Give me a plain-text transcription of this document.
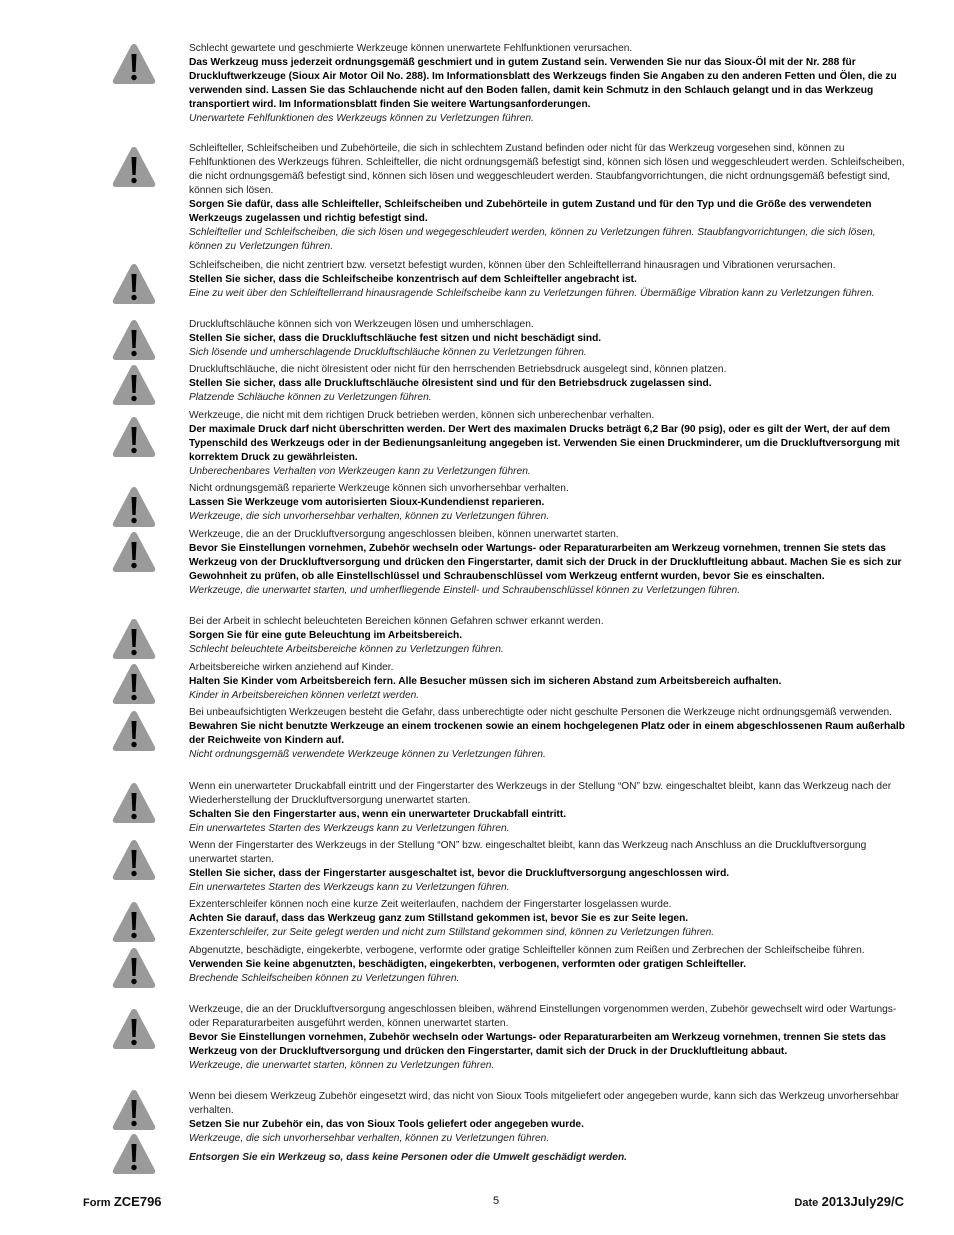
Schlecht gewartete und geschmierte Werkzeuge können unerwartete Fehlfunktionen verursachen.

Das Werkzeug muss jederzeit ordnungsgemäß geschmiert und in gutem Zustand sein. Verwenden Sie nur das Sioux-Öl mit der Nr. 288 für Druckluftwerkzeuge (Sioux Air Motor Oil No. 288). Im Informationsblatt des Werkzeugs finden Sie Angaben zu den anderen Fetten und Ölen, die zu verwenden sind. Lassen Sie das Schlauchende nicht auf den Boden fallen, damit kein Schmutz in den Schlauch gelangt und in das Werkzeug transportiert wird. Im Informationsblatt finden Sie weitere Wartungsanforderungen.

Unerwartete Fehlfunktionen des Werkzeugs können zu Verletzungen führen.

Schleifteller, Schleifscheiben und Zubehörteile, die sich in schlechtem Zustand befinden oder nicht für das Werkzeug vorgesehen sind, können zu Fehlfunktionen des Werkzeugs führen. Schleifteller, die nicht ordnungsgemäß befestigt sind, können sich lösen und weggeschleudert werden. Schleifscheiben, die nicht ordnungsgemäß befestigt sind, können sich lösen und weggeschleudert werden. Staubfangvorrichtungen, die nicht ordnungsgemäß befestigt sind, können sich lösen.

Sorgen Sie dafür, dass alle Schleifteller, Schleifscheiben und Zubehörteile in gutem Zustand und für den Typ und die Größe des verwendeten Werkzeugs zugelassen und richtig befestigt sind.

Schleifteller und Schleifscheiben, die sich lösen und wegegeschleudert werden, können zu Verletzungen führen. Staubfangvorrichtungen, die sich lösen, können zu Verletzungen führen.

Schleifscheiben, die nicht zentriert bzw. versetzt befestigt wurden, können über den Schleiftellerrand hinausragen und Vibrationen verursachen.

Stellen Sie sicher, dass die Schleifscheibe konzentrisch auf dem Schleifteller angebracht ist.

Eine zu weit über den Schleiftellerrand hinausragende Schleifscheibe kann zu Verletzungen führen. Übermäßige Vibration kann zu Verletzungen führen.

Druckluftschläuche können sich von Werkzeugen lösen und umherschlagen.

Stellen Sie sicher, dass die Druckluftschläuche fest sitzen und nicht beschädigt sind.

Sich lösende und umherschlagende Druckluftschläuche können zu Verletzungen führen.

Druckluftschläuche, die nicht ölresistent oder nicht für den herrschenden Betriebsdruck ausgelegt sind, können platzen.

Stellen Sie sicher, dass alle Druckluftschläuche ölresistent sind und für den Betriebsdruck zugelassen sind.

Platzende Schläuche können zu Verletzungen führen.

Werkzeuge, die nicht mit dem richtigen Druck betrieben werden, können sich unberechenbar verhalten.

Der maximale Druck darf nicht überschritten werden. Der Wert des maximalen Drucks beträgt 6,2 Bar (90 psig), oder es gilt der Wert, der auf dem Typenschild des Werkzeugs oder in der Bedienungsanleitung angegeben ist. Verwenden Sie einen Druckminderer, um die Druckluftversorgung mit korrektem Druck zu gewährleisten.

Unberechenbares Verhalten von Werkzeugen kann zu Verletzungen führen.

Nicht ordnungsgemäß reparierte Werkzeuge können sich unvorhersehbar verhalten.

Lassen Sie Werkzeuge vom autorisierten Sioux-Kundendienst reparieren.

Werkzeuge, die sich unvorhersehbar verhalten, können zu Verletzungen führen.

Werkzeuge, die an der Druckluftversorgung angeschlossen bleiben, können unerwartet starten.

Bevor Sie Einstellungen vornehmen, Zubehör wechseln oder Wartungs- oder Reparaturarbeiten am Werkzeug vornehmen, trennen Sie stets das Werkzeug von der Druckluftversorgung und drücken den Fingerstarter, damit sich der Druck in der Druckluftleitung abbaut. Machen Sie es sich zur Gewohnheit zu prüfen, ob alle Einstellschlüssel und Schraubenschlüssel vom Werkzeug entfernt wurden, bevor Sie es einschalten.

Werkzeuge, die unerwartet starten, und umherfliegende Einstell- und Schraubenschlüssel können zu Verletzungen führen.

Bei der Arbeit in schlecht beleuchteten Bereichen können Gefahren schwer erkannt werden.

Sorgen Sie für eine gute Beleuchtung im Arbeitsbereich.

Schlecht beleuchtete Arbeitsbereiche können zu Verletzungen führen.

Arbeitsbereiche wirken anziehend auf Kinder.

Halten Sie Kinder vom Arbeitsbereich fern. Alle Besucher müssen sich im sicheren Abstand zum Arbeitsbereich aufhalten.

Kinder in Arbeitsbereichen können verletzt werden.

Bei unbeaufsichtigten Werkzeugen besteht die Gefahr, dass unberechtigte oder nicht geschulte Personen die Werkzeuge nicht ordnungsgemäß verwenden.

Bewahren Sie nicht benutzte Werkzeuge an einem trockenen sowie an einem hochgelegenen Platz oder in einem abgeschlossenen Raum außerhalb der Reichweite von Kindern auf.

Nicht ordnungsgemäß verwendete Werkzeuge können zu Verletzungen führen.

Wenn ein unerwarteter Druckabfall eintritt und der Fingerstarter des Werkzeugs in der Stellung “ON” bzw. eingeschaltet bleibt, kann das Werkzeug nach der Wiederherstellung der Druckluftversorgung unerwartet starten.

Schalten Sie den Fingerstarter aus, wenn ein unerwarteter Druckabfall eintritt.

Ein unerwartetes Starten des Werkzeugs kann zu Verletzungen führen.

Wenn der Fingerstarter des Werkzeugs in der Stellung “ON” bzw. eingeschaltet bleibt, kann das Werkzeug nach Anschluss an die Druckluftversorgung unerwartet starten.

Stellen Sie sicher, dass der Fingerstarter ausgeschaltet ist, bevor die Druckluftversorgung angeschlossen wird.

Ein unerwartetes Starten des Werkzeugs kann zu Verletzungen führen.

Exzenterschleifer können noch eine kurze Zeit weiterlaufen, nachdem der Fingerstarter losgelassen wurde.

Achten Sie darauf, dass das Werkzeug ganz zum Stillstand gekommen ist, bevor Sie es zur Seite legen.

Exzenterschleifer, zur Seite gelegt werden und nicht zum Stillstand gekommen sind, können zu Verletzungen führen.

Abgenutzte, beschädigte, eingekerbte, verbogene, verformte oder gratige Schleifteller können zum Reißen und Zerbrechen der Schleifscheibe führen.

Verwenden Sie keine abgenutzten, beschädigten, eingekerbten, verbogenen, verformten oder gratigen Schleifteller.

Brechende Schleifscheiben können zu Verletzungen führen.

Werkzeuge, die an der Druckluftversorgung angeschlossen bleiben, während Einstellungen vorgenommen werden, Zubehör gewechselt wird oder Wartungs- oder Reparaturarbeiten ausgeführt werden, können unerwartet starten.

Bevor Sie Einstellungen vornehmen, Zubehör wechseln oder Wartungs- oder Reparaturarbeiten am Werkzeug vornehmen, trennen Sie stets das Werkzeug von der Druckluftversorgung und drücken den Fingerstarter, damit sich der Druck in der Druckluftleitung abbaut.

Werkzeuge, die unerwartet starten, können zu Verletzungen führen.

Wenn bei diesem Werkzeug Zubehör eingesetzt wird, das nicht von Sioux Tools mitgeliefert oder angegeben wurde, kann sich das Werkzeug unvorhersehbar verhalten.

Setzen Sie nur Zubehör ein, das von Sioux Tools geliefert oder angegeben wurde.

Werkzeuge, die sich unvorhersehbar verhalten, können zu Verletzungen führen.

Entsorgen Sie ein Werkzeug so, dass keine Personen oder die Umwelt geschädigt werden.

Form ZCE796	5	Date 2013July29/C
